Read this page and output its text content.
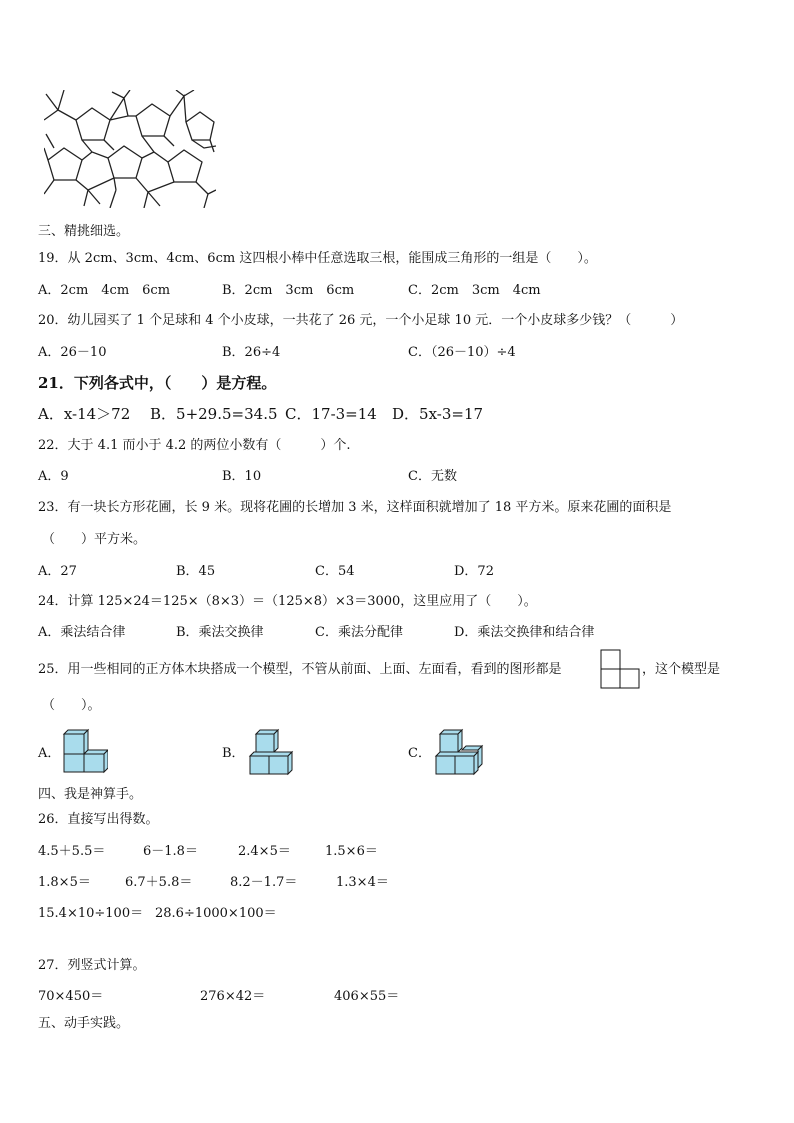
三、精挑细选。
19．从 2cm、3cm、4cm、6cm 这四根小棒中任意选取三根，能围成三角形的一组是（　　）。
A．2cm　4cm　6cm	B．2cm　3cm　6cm	C．2cm　3cm　4cm
20．幼儿园买了 1 个足球和 4 个小皮球，一共花了 26 元，一个小足球 10 元．一个小皮球多少钱？（　　　）
A．26－10	B．26÷4	C．（26－10）÷4
21．下列各式中，（　　）是方程。
A．x-14＞72 B．5+29.5=34.5 C．17-3=14 D．5x-3=17
22．大于 4.1 而小于 4.2 的两位小数有（　　　）个.
A．9	B．10	C．无数
23．有一块长方形花圃，长 9 米。现将花圃的长增加 3 米，这样面积就增加了 18 平方米。原来花圃的面积是
（　　）平方米。
A．27	B．45	C．54	D．72
24．计算 125×24＝125×（8×3）＝（125×8）×3＝3000，这里应用了（　　）。
A．乘法结合律	B．乘法交换律	C．乘法分配律	D．乘法交换律和结合律
25．用一些相同的正方体木块搭成一个模型，不管从前面、上面、左面看，看到的图形都是	，这个模型是
（　　）。
A．	B．	C．
四、我是神算手。
26．直接写出得数。
4.5＋5.5＝	6－1.8＝	2.4×5＝	1.5×6＝
1.8×5＝	6.7＋5.8＝	8.2－1.7＝	1.3×4＝
15.4×10÷100＝ 28.6÷1000×100＝
27．列竖式计算。
70×450＝	276×42＝	406×55＝
五、动手实践。
